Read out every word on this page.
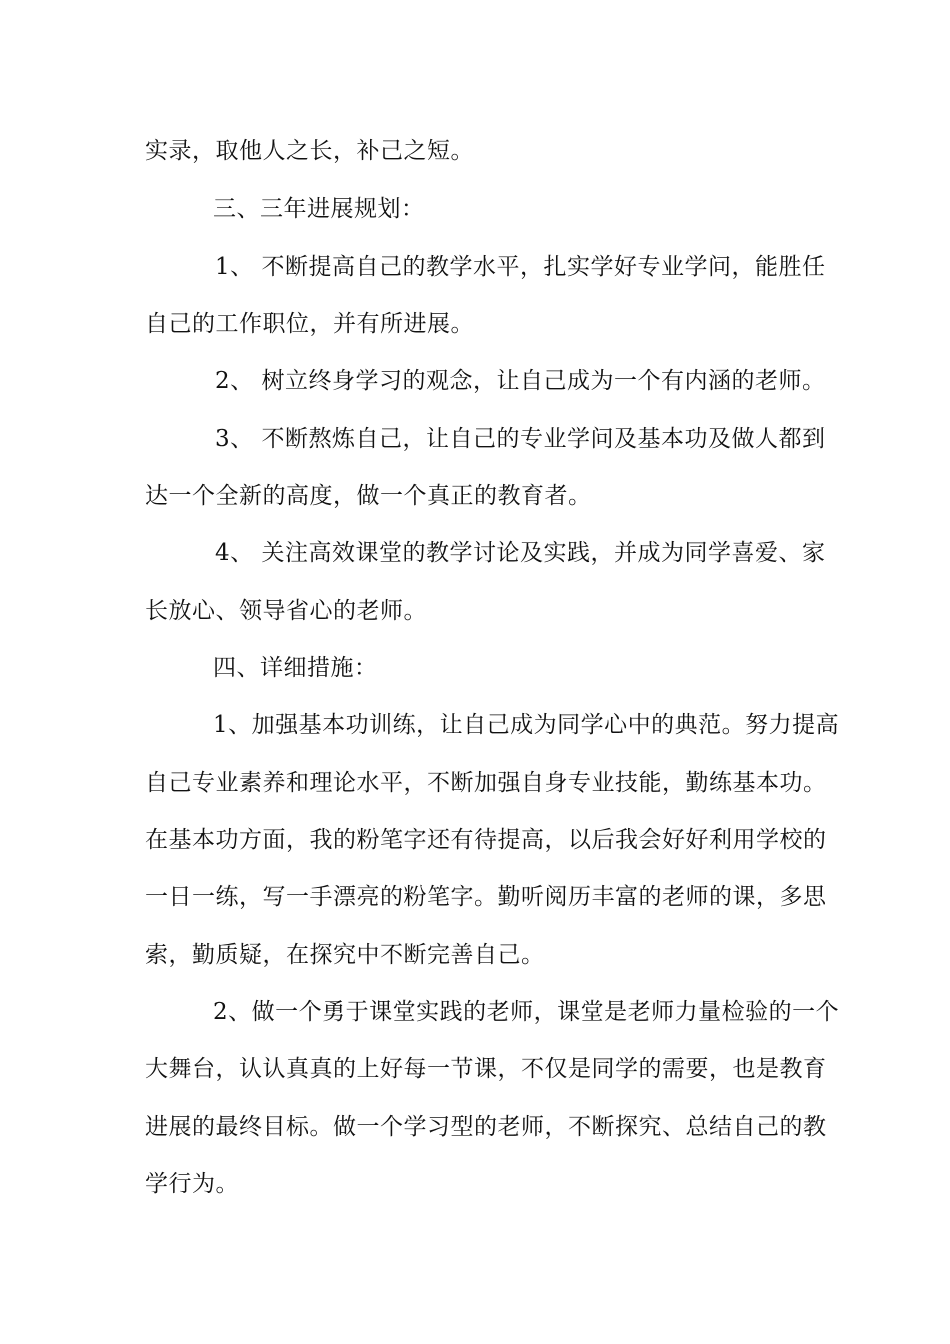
实录，取他人之长，补己之短。
三、三年进展规划：
1、 不断提高自己的教学水平，扎实学好专业学问，能胜任
自己的工作职位，并有所进展。
2、 树立终身学习的观念，让自己成为一个有内涵的老师。
3、 不断熬炼自己，让自己的专业学问及基本功及做人都到
达一个全新的高度，做一个真正的教育者。
4、 关注高效课堂的教学讨论及实践，并成为同学喜爱、家
长放心、领导省心的老师。
四、详细措施：
1、加强基本功训练，让自己成为同学心中的典范。努力提高
自己专业素养和理论水平，不断加强自身专业技能，勤练基本功。
在基本功方面，我的粉笔字还有待提高，以后我会好好利用学校的
一日一练，写一手漂亮的粉笔字。勤听阅历丰富的老师的课，多思
索，勤质疑，在探究中不断完善自己。
2、做一个勇于课堂实践的老师，课堂是老师力量检验的一个
大舞台，认认真真的上好每一节课，不仅是同学的需要，也是教育
进展的最终目标。做一个学习型的老师，不断探究、总结自己的教
学行为。
